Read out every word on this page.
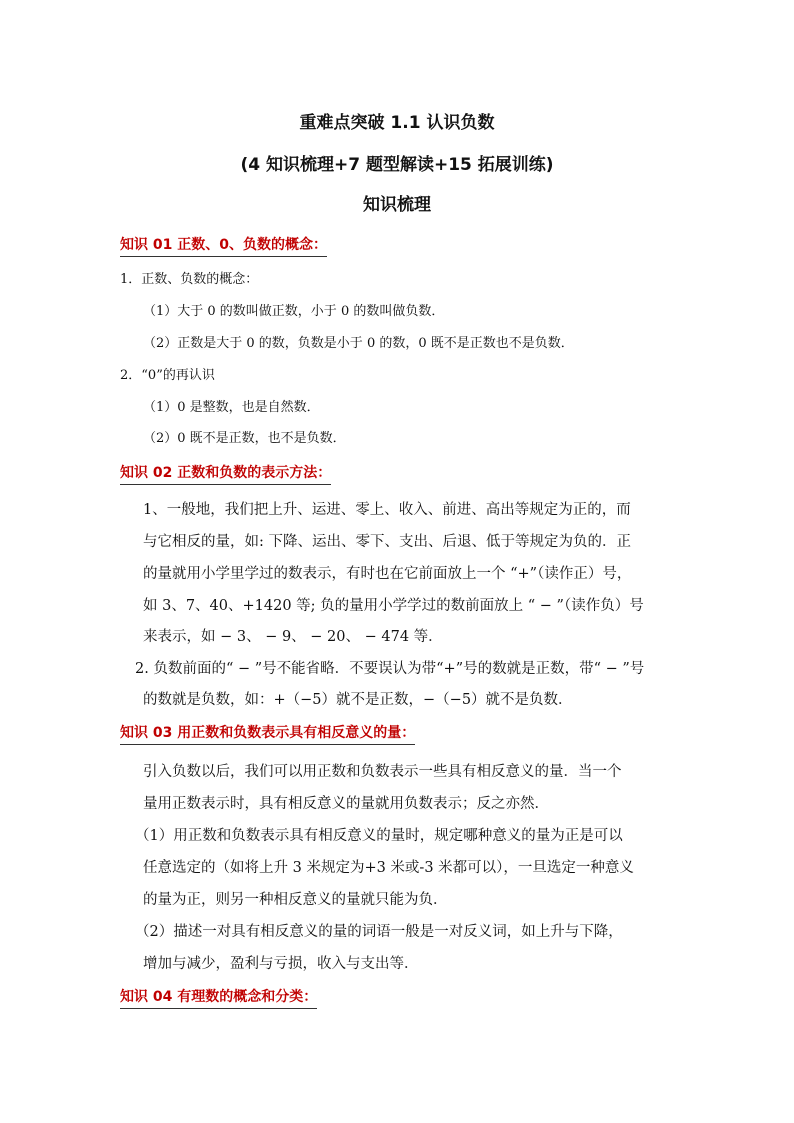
重难点突破 1.1 认识负数
(4 知识梳理+7 题型解读+15 拓展训练)
知识梳理
知识 01 正数、0、负数的概念：
1．正数、负数的概念：
（1）大于 0 的数叫做正数，小于 0 的数叫做负数．
（2）正数是大于 0 的数，负数是小于 0 的数，0 既不是正数也不是负数．
2．“0”的再认识
（1）0 是整数，也是自然数．
（2）0 既不是正数，也不是负数．
知识 02 正数和负数的表示方法：
1、一般地，我们把上升、运进、零上、收入、前进、高出等规定为正的，而
与它相反的量，如: 下降、运出、零下、支出、后退、低于等规定为负的．正
的量就用小学里学过的数表示，有时也在它前面放上一个 “+”（读作正）号，
如 3、7、40、+1420 等; 负的量用小学学过的数前面放上 “ − ”（读作负）号
来表示，如 − 3、 − 9、 − 20、 − 474 等．
2. 负数前面的“ − ”号不能省略．不要误认为带“+”号的数就是正数，带“ − ”号
的数就是负数，如：+（−5）就不是正数，−（−5）就不是负数．
知识 03 用正数和负数表示具有相反意义的量：
引入负数以后，我们可以用正数和负数表示一些具有相反意义的量．当一个
量用正数表示时，具有相反意义的量就用负数表示；反之亦然．
（1）用正数和负数表示具有相反意义的量时，规定哪种意义的量为正是可以
任意选定的（如将上升 3 米规定为+3 米或-3 米都可以），一旦选定一种意义
的量为正，则另一种相反意义的量就只能为负．
（2）描述一对具有相反意义的量的词语一般是一对反义词，如上升与下降，
增加与减少，盈利与亏损，收入与支出等．
知识 04 有理数的概念和分类：
